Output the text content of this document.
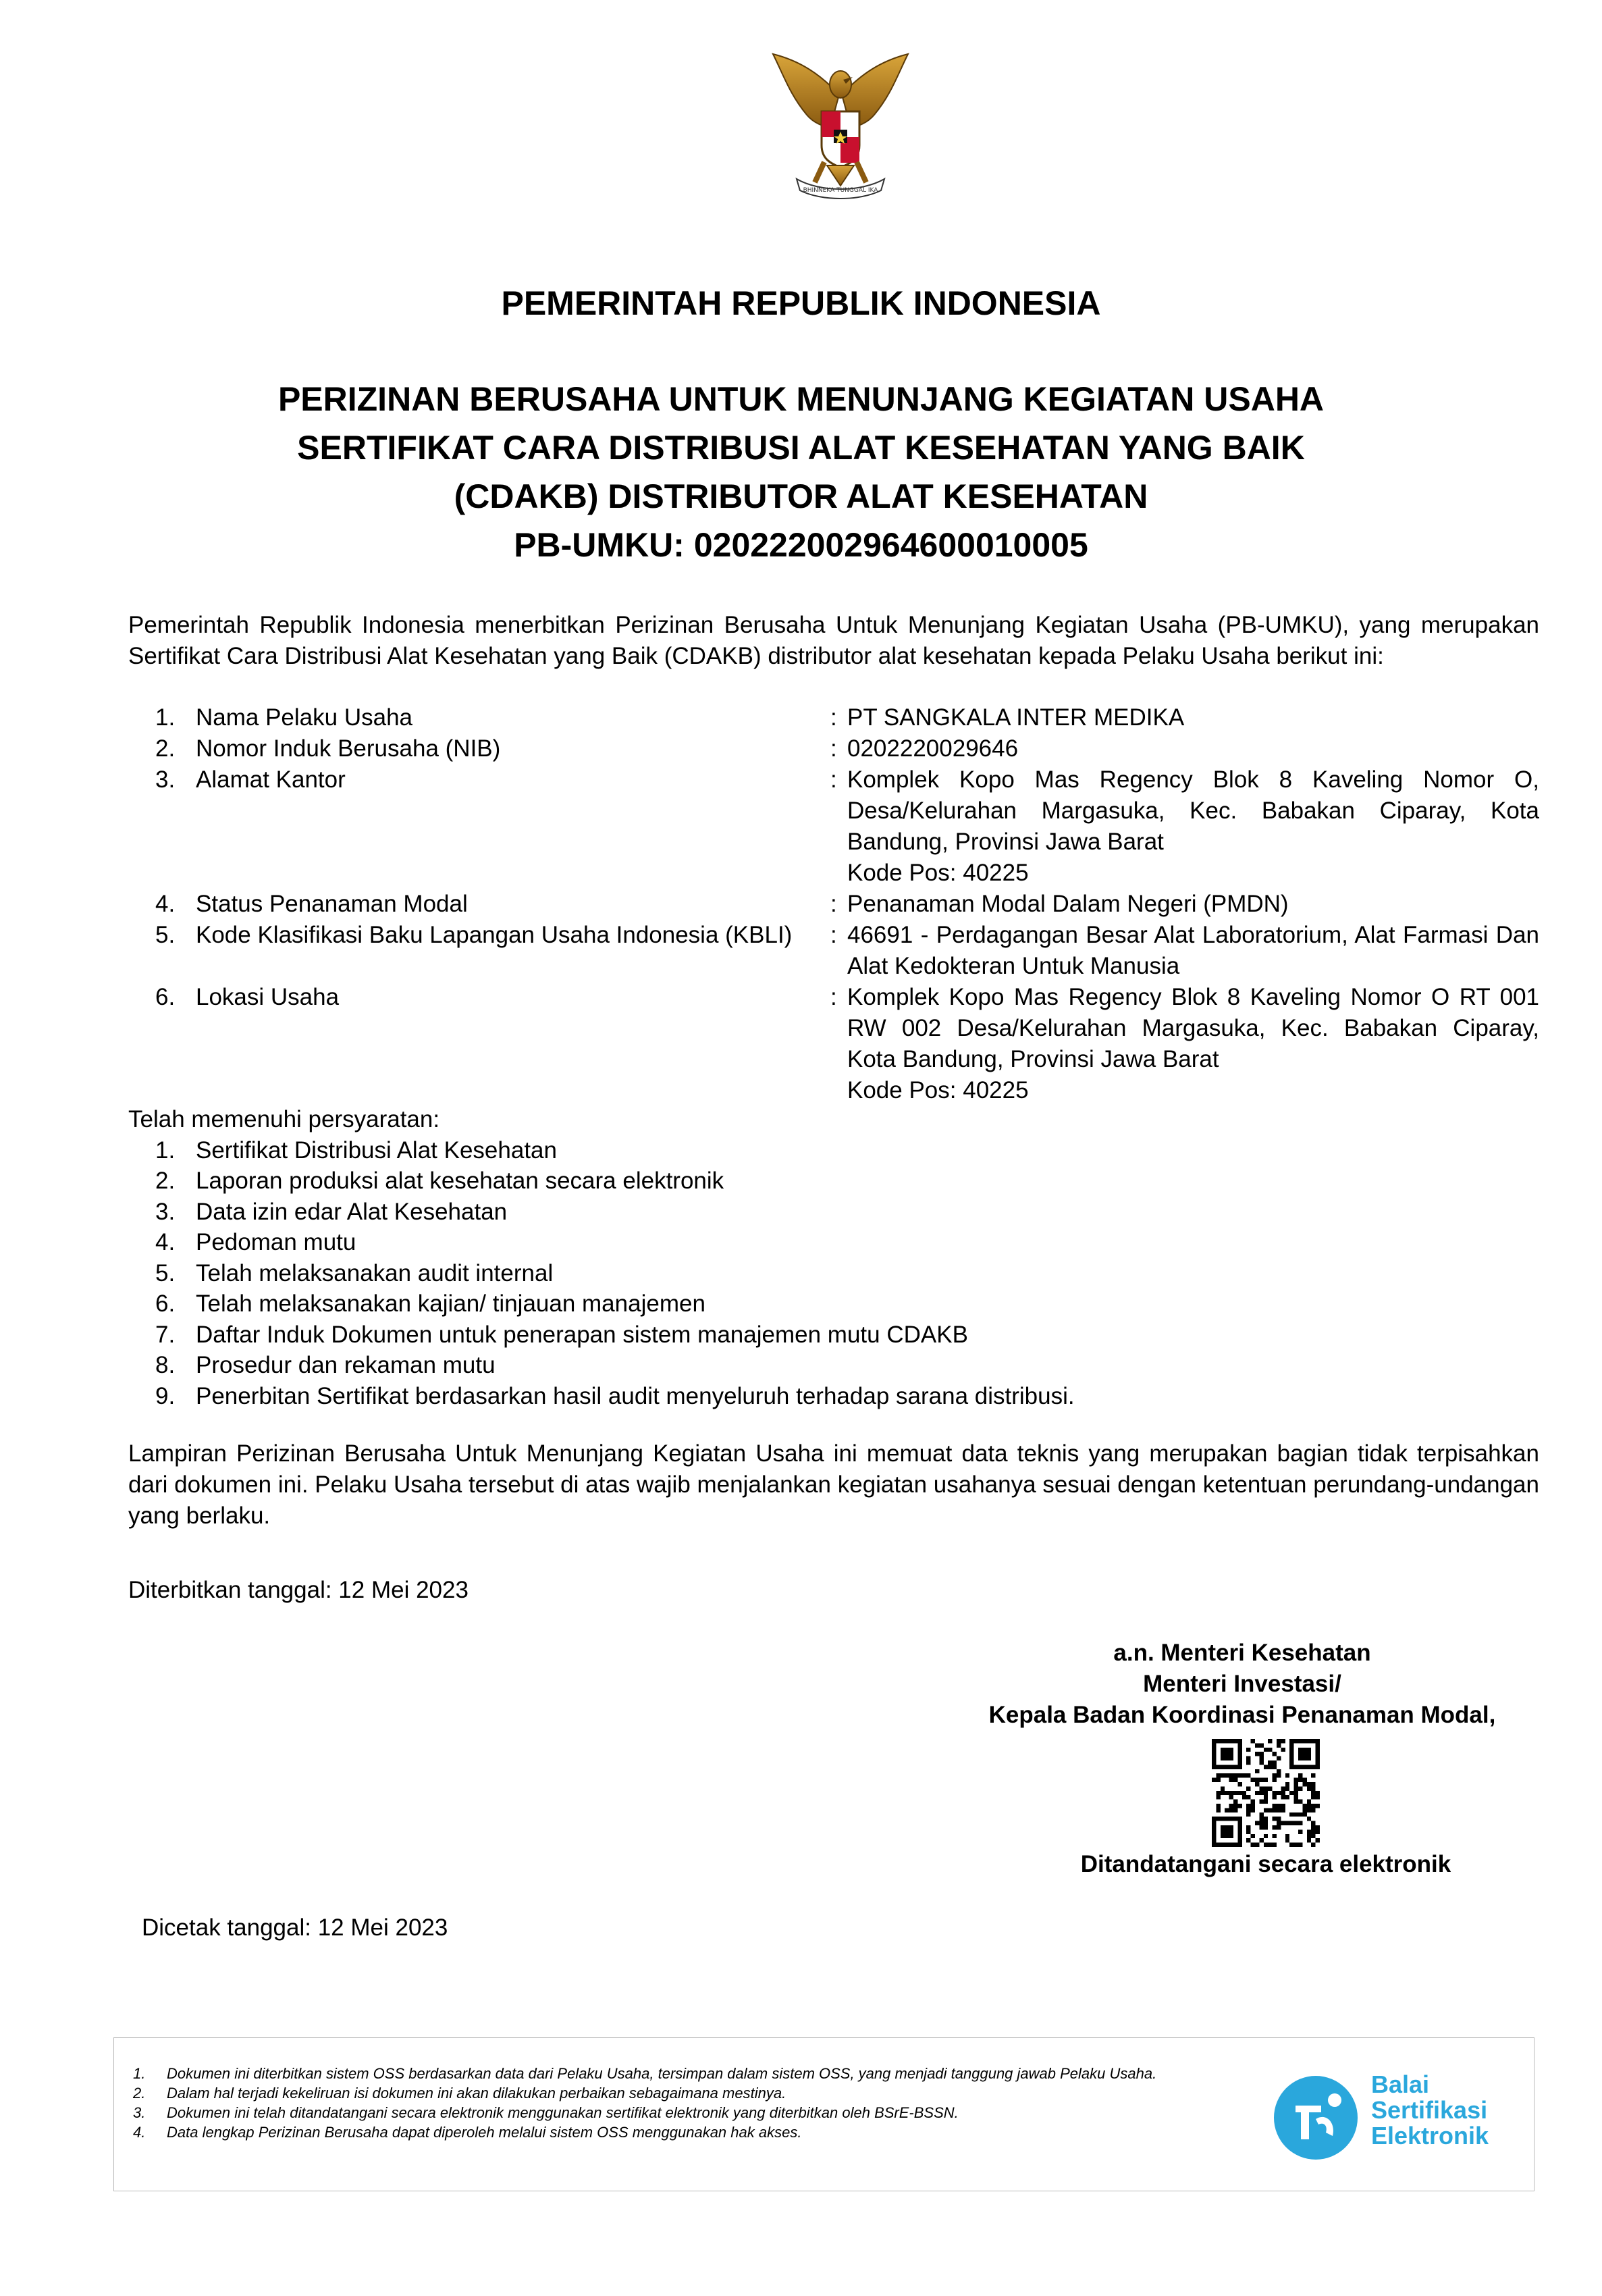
BHINNEKA TUNGGAL IKA
PEMERINTAH REPUBLIK INDONESIA
PERIZINAN BERUSAHA UNTUK MENUNJANG KEGIATAN USAHA
SERTIFIKAT CARA DISTRIBUSI ALAT KESEHATAN YANG BAIK
(CDAKB) DISTRIBUTOR ALAT KESEHATAN
PB-UMKU: 02022200296460001000​5
Pemerintah Republik Indonesia menerbitkan Perizinan Berusaha Untuk Menunjang Kegiatan Usaha (PB-UMKU), yang merupakan Sertifikat Cara Distribusi Alat Kesehatan yang Baik (CDAKB) distributor alat kesehatan kepada Pelaku Usaha berikut ini:
1. Nama Pelaku Usaha	: PT SANGKALA INTER MEDIKA
2. Nomor Induk Berusaha (NIB)	: 0202220029646
3. Alamat Kantor	: Komplek Kopo Mas Regency Blok 8 Kaveling Nomor O, Desa/Kelurahan Margasuka, Kec. Babakan Ciparay, Kota Bandung, Provinsi Jawa Barat
Kode Pos: 40225
4. Status Penanaman Modal	: Penanaman Modal Dalam Negeri (PMDN)
5. Kode Klasifikasi Baku Lapangan Usaha Indonesia (KBLI)	: 46691 - Perdagangan Besar Alat Laboratorium, Alat Farmasi Dan Alat Kedokteran Untuk Manusia
6. Lokasi Usaha	: Komplek Kopo Mas Regency Blok 8 Kaveling Nomor O RT 001 RW 002 Desa/Kelurahan Margasuka, Kec. Babakan Ciparay, Kota Bandung, Provinsi Jawa Barat
Kode Pos: 40225
Telah memenuhi persyaratan:
1. Sertifikat Distribusi Alat Kesehatan
2. Laporan produksi alat kesehatan secara elektronik
3. Data izin edar Alat Kesehatan
4. Pedoman mutu
5. Telah melaksanakan audit internal
6. Telah melaksanakan kajian/ tinjauan manajemen
7. Daftar Induk Dokumen untuk penerapan sistem manajemen mutu CDAKB
8. Prosedur dan rekaman mutu
9. Penerbitan Sertifikat berdasarkan hasil audit menyeluruh terhadap sarana distribusi.
Lampiran Perizinan Berusaha Untuk Menunjang Kegiatan Usaha ini memuat data teknis yang merupakan bagian tidak terpisahkan dari dokumen ini. Pelaku Usaha tersebut di atas wajib menjalankan kegiatan usahanya sesuai dengan ketentuan perundang-undangan yang berlaku.
Diterbitkan tanggal: 12 Mei 2023
a.n. Menteri Kesehatan
Menteri Investasi/
Kepala Badan Koordinasi Penanaman Modal,
Ditandatangani secara elektronik
Dicetak tanggal: 12 Mei 2023
1. Dokumen ini diterbitkan sistem OSS berdasarkan data dari Pelaku Usaha, tersimpan dalam sistem OSS, yang menjadi tanggung jawab Pelaku Usaha.
2. Dalam hal terjadi kekeliruan isi dokumen ini akan dilakukan perbaikan sebagaimana mestinya.
3. Dokumen ini telah ditandatangani secara elektronik menggunakan sertifikat elektronik yang diterbitkan oleh BSrE-BSSN.
4. Data lengkap Perizinan Berusaha dapat diperoleh melalui sistem OSS menggunakan hak akses.
Balai
Sertifikasi
Elektronik
